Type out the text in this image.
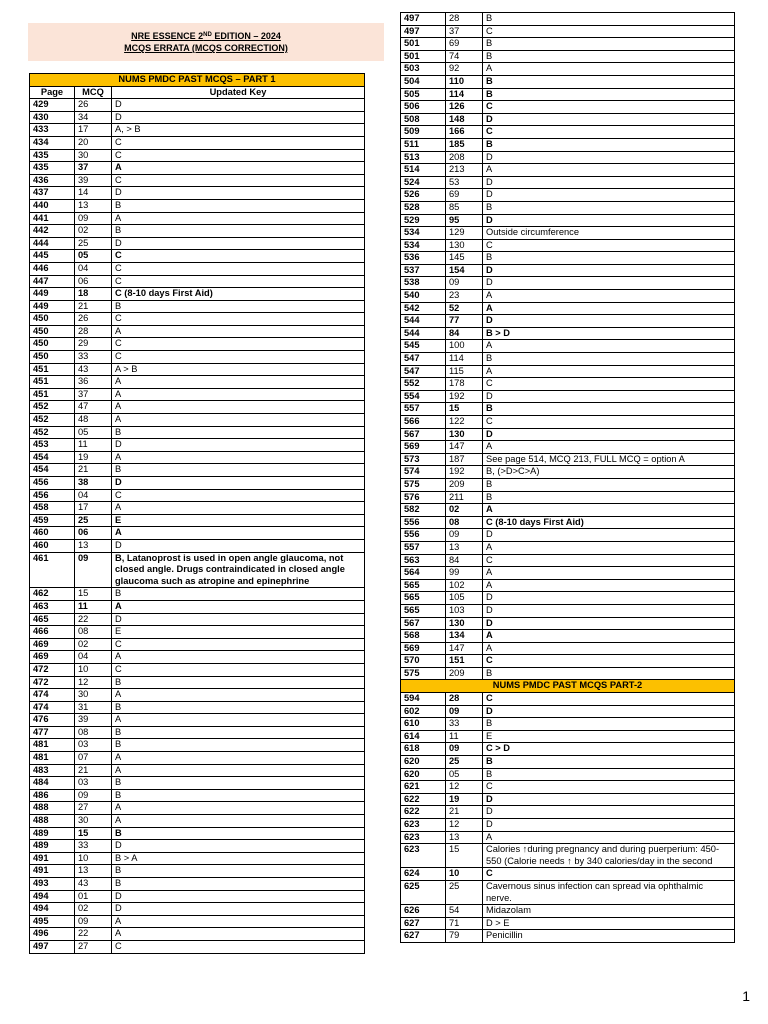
NRE ESSENCE 2ND EDITION – 2024
MCQS ERRATA (MCQS CORRECTION)
NUMS PMDC PAST MCQS – PART 1		
Page	MCQ	Updated Key
429	26	D
430	34	D
433	17	A, > B
434	20	C
435	30	C
435	37	A
436	39	C
437	14	D
440	13	B
441	09	A
442	02	B
444	25	D
445	05	C
446	04	C
447	06	C
449	18	C (8-10 days First Aid)
449	21	B
450	26	C
450	28	A
450	29	C
450	33	C
451	43	A > B
451	36	A
451	37	A
452	47	A
452	48	A
452	05	B
453	11	D
454	19	A
454	21	B
456	38	D
456	04	C
458	17	A
459	25	E
460	06	A
460	13	D
461	09	B, Latanoprost is used in open angle glaucoma, not closed angle. Drugs contraindicated in closed angle glaucoma such as atropine and epinephrine
462	15	B
463	11	A
465	22	D
466	08	E
469	02	C
469	04	A
472	10	C
472	12	B
474	30	A
474	31	B
476	39	A
477	08	B
481	03	B
481	07	A
483	21	A
484	03	B
486	09	B
488	27	A
488	30	A
489	15	B
489	33	D
491	10	B > A
491	13	B
493	43	B
494	01	D
494	02	D
495	09	A
496	22	A
497	27	C
497	28	B
497	37	C
501	69	B
501	74	B
503	92	A
504	110	B
505	114	B
506	126	C
508	148	D
509	166	C
511	185	B
513	208	D
514	213	A
524	53	D
526	69	D
528	85	B
529	95	D
534	129	Outside circumference
534	130	C
536	145	B
537	154	D
538	09	D
540	23	A
542	52	A
544	77	D
544	84	B > D
545	100	A
547	114	B
547	115	A
552	178	C
554	192	D
557	15	B
566	122	C
567	130	D
569	147	A
573	187	See page 514, MCQ 213, FULL MCQ = option A
574	192	B, (>D>C>A)
575	209	B
576	211	B
582	02	A
556	08	C (8-10 days First Aid)
556	09	D
557	13	A
563	84	C
564	99	A
565	102	A
565	105	D
565	103	D
567	130	D
568	134	A
569	147	A
570	151	C
575	209	B
NUMS PMDC PAST MCQS PART-2		
594	28	C
602	09	D
610	33	B
614	11	E
618	09	C > D
620	25	B
620	05	B
621	12	C
622	19	D
622	21	D
623	12	D
623	13	A
623	15	Calories ↑during pregnancy and during puerperium: 450-550 (Calorie needs ↑ by 340 calories/day in the second
624	10	C
625	25	Cavernous sinus infection can spread via ophthalmic nerve.
626	54	Midazolam
627	71	D > E
627	79	Penicillin
1
